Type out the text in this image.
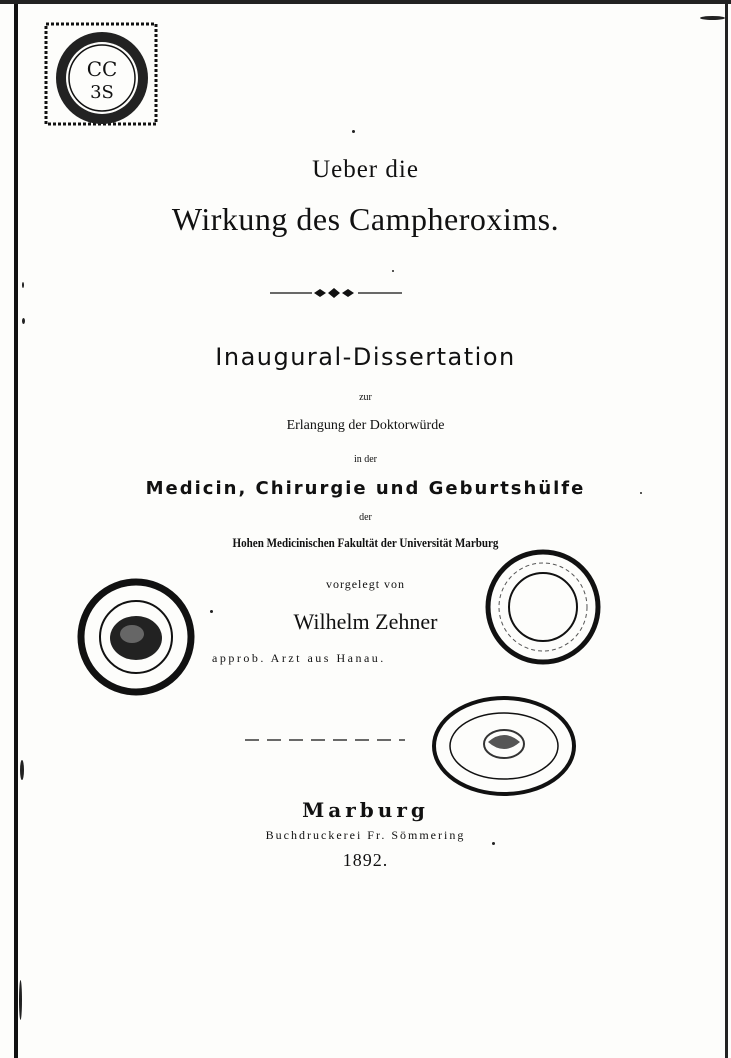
CC
3S
Ueber die
Wirkung des Campheroxims.
Inaugural-Dissertation
zur
Erlangung der Doktorwürde
in der
Medicin, Chirurgie und Geburtshülfe
der
Hohen Medicinischen Fakultät der Universität Marburg
vorgelegt von
Wilhelm Zehner
approb. Arzt aus Hanau.
Marburg
Buchdruckerei Fr. Sömmering
1892.
